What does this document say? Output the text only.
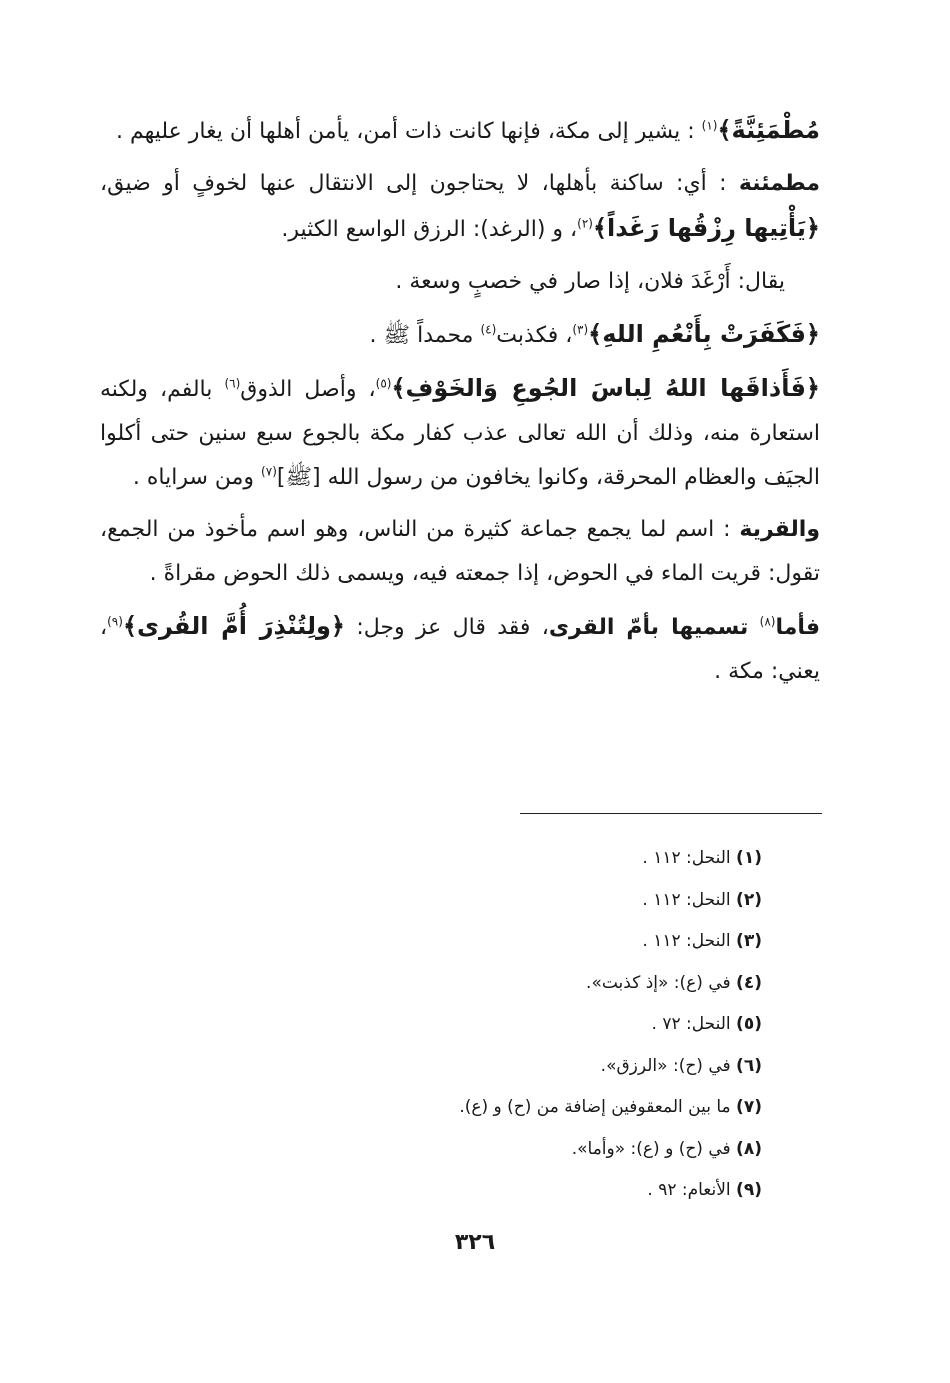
مُطْمَئِنَّةً﴾$^{(١)}$ : يشير إلى مكة، فإنها كانت ذات أمن، يأمن أهلها أن يغار عليهم .

مطمئنة : أي: ساكنة بأهلها، لا يحتاجون إلى الانتقال عنها لخوفٍ أو ضيق، ﴿يَأْتِيها رِزْقُها رَغَداً﴾$^{(٢)}$، و (الرغد): الرزق الواسع الكثير.

يقال: أَرْغَدَ فلان، إذا صار في خصبٍ وسعة .

﴿فَكَفَرَتْ بِأَنْعُمِ اللهِ﴾$^{(٣)}$، فكذبت$^{(٤)}$ محمداً ﷺ .

﴿فَأَذاقَها اللهُ لِباسَ الجُوعِ وَالخَوْفِ﴾$^{(٥)}$، وأصل الذوق$^{(٦)}$ بالفم، ولكنه استعارة منه، وذلك أن الله تعالى عذب كفار مكة بالجوع سبع سنين حتى أكلوا الجيَف والعظام المحرقة، وكانوا يخافون من رسول الله [ﷺ]$^{(٧)}$ ومن سراياه .

والقرية : اسم لما يجمع جماعة كثيرة من الناس، وهو اسم مأخوذ من الجمع، تقول: قريت الماء في الحوض، إذا جمعته فيه، ويسمى ذلك الحوض مقراةً .

فأما$^{(٨)}$ تسميها بأمّ القرى، فقد قال عز وجل: ﴿ولِتُنْذِرَ أُمَّ القُرى﴾$^{(٩)}$، يعني: مكة .

(١) النحل: ١١٢ .
(٢) النحل: ١١٢ .
(٣) النحل: ١١٢ .
(٤) في (ع): «إذ كذبت».
(٥) النحل: ٧٢ .
(٦) في (ح): «الرزق».
(٧) ما بين المعقوفين إضافة من (ح) و (ع).
(٨) في (ح) و (ع): «وأما».
(٩) الأنعام: ٩٢ .
٣٢٦
